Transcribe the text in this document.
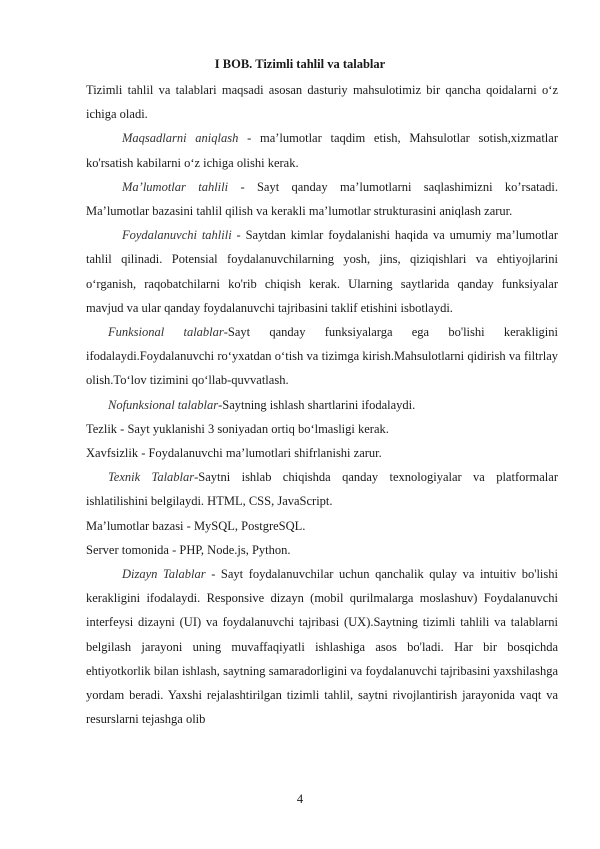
I BOB. Tizimli tahlil va talablar

Tizimli tahlil va talablari maqsadi asosan dasturiy mahsulotimiz bir qancha qoidalarni o‘z ichiga oladi.

Maqsadlarni aniqlash - ma’lumotlar taqdim etish, Mahsulotlar sotish,xizmatlar ko'rsatish kabilarni o‘z ichiga olishi kerak.

Ma’lumotlar tahlili - Sayt qanday ma’lumotlarni saqlashimizni ko’rsatadi. Ma’lumotlar bazasini tahlil qilish va kerakli ma’lumotlar strukturasini aniqlash zarur.

Foydalanuvchi tahlili - Saytdan kimlar foydalanishi haqida va umumiy ma’lumotlar tahlil qilinadi. Potensial foydalanuvchilarning yosh, jins, qiziqishlari va ehtiyojlarini o‘rganish, raqobatchilarni ko'rib chiqish kerak. Ularning saytlarida qanday funksiyalar mavjud va ular qanday foydalanuvchi tajribasini taklif etishini isbotlaydi.

Funksional talablar-Sayt qanday funksiyalarga ega bo'lishi kerakligini ifodalaydi.Foydalanuvchi ro‘yxatdan o‘tish va tizimga kirish.Mahsulotlarni qidirish va filtrlay olish.To‘lov tizimini qo‘llab-quvvatlash.

Nofunksional talablar-Saytning ishlash shartlarini ifodalaydi.

Tezlik - Sayt yuklanishi 3 soniyadan ortiq bo‘lmasligi kerak.

Xavfsizlik - Foydalanuvchi ma’lumotlari shifrlanishi zarur.

Texnik Talablar-Saytni ishlab chiqishda qanday texnologiyalar va platformalar ishlatilishini belgilaydi. HTML, CSS, JavaScript.

Ma’lumotlar bazasi - MySQL, PostgreSQL.

Server tomonida - PHP, Node.js, Python.

Dizayn Talablar - Sayt foydalanuvchilar uchun qanchalik qulay va intuitiv bo'lishi kerakligini ifodalaydi. Responsive dizayn (mobil qurilmalarga moslashuv) Foydalanuvchi interfeysi dizayni (UI) va foydalanuvchi tajribasi (UX).Saytning tizimli tahlili va talablarni belgilash jarayoni uning muvaffaqiyatli ishlashiga asos bo'ladi. Har bir bosqichda ehtiyotkorlik bilan ishlash, saytning samaradorligini va foydalanuvchi tajribasini yaxshilashga yordam beradi. Yaxshi rejalashtirilgan tizimli tahlil, saytni rivojlantirish jarayonida vaqt va resurslarni tejashga olib

4
